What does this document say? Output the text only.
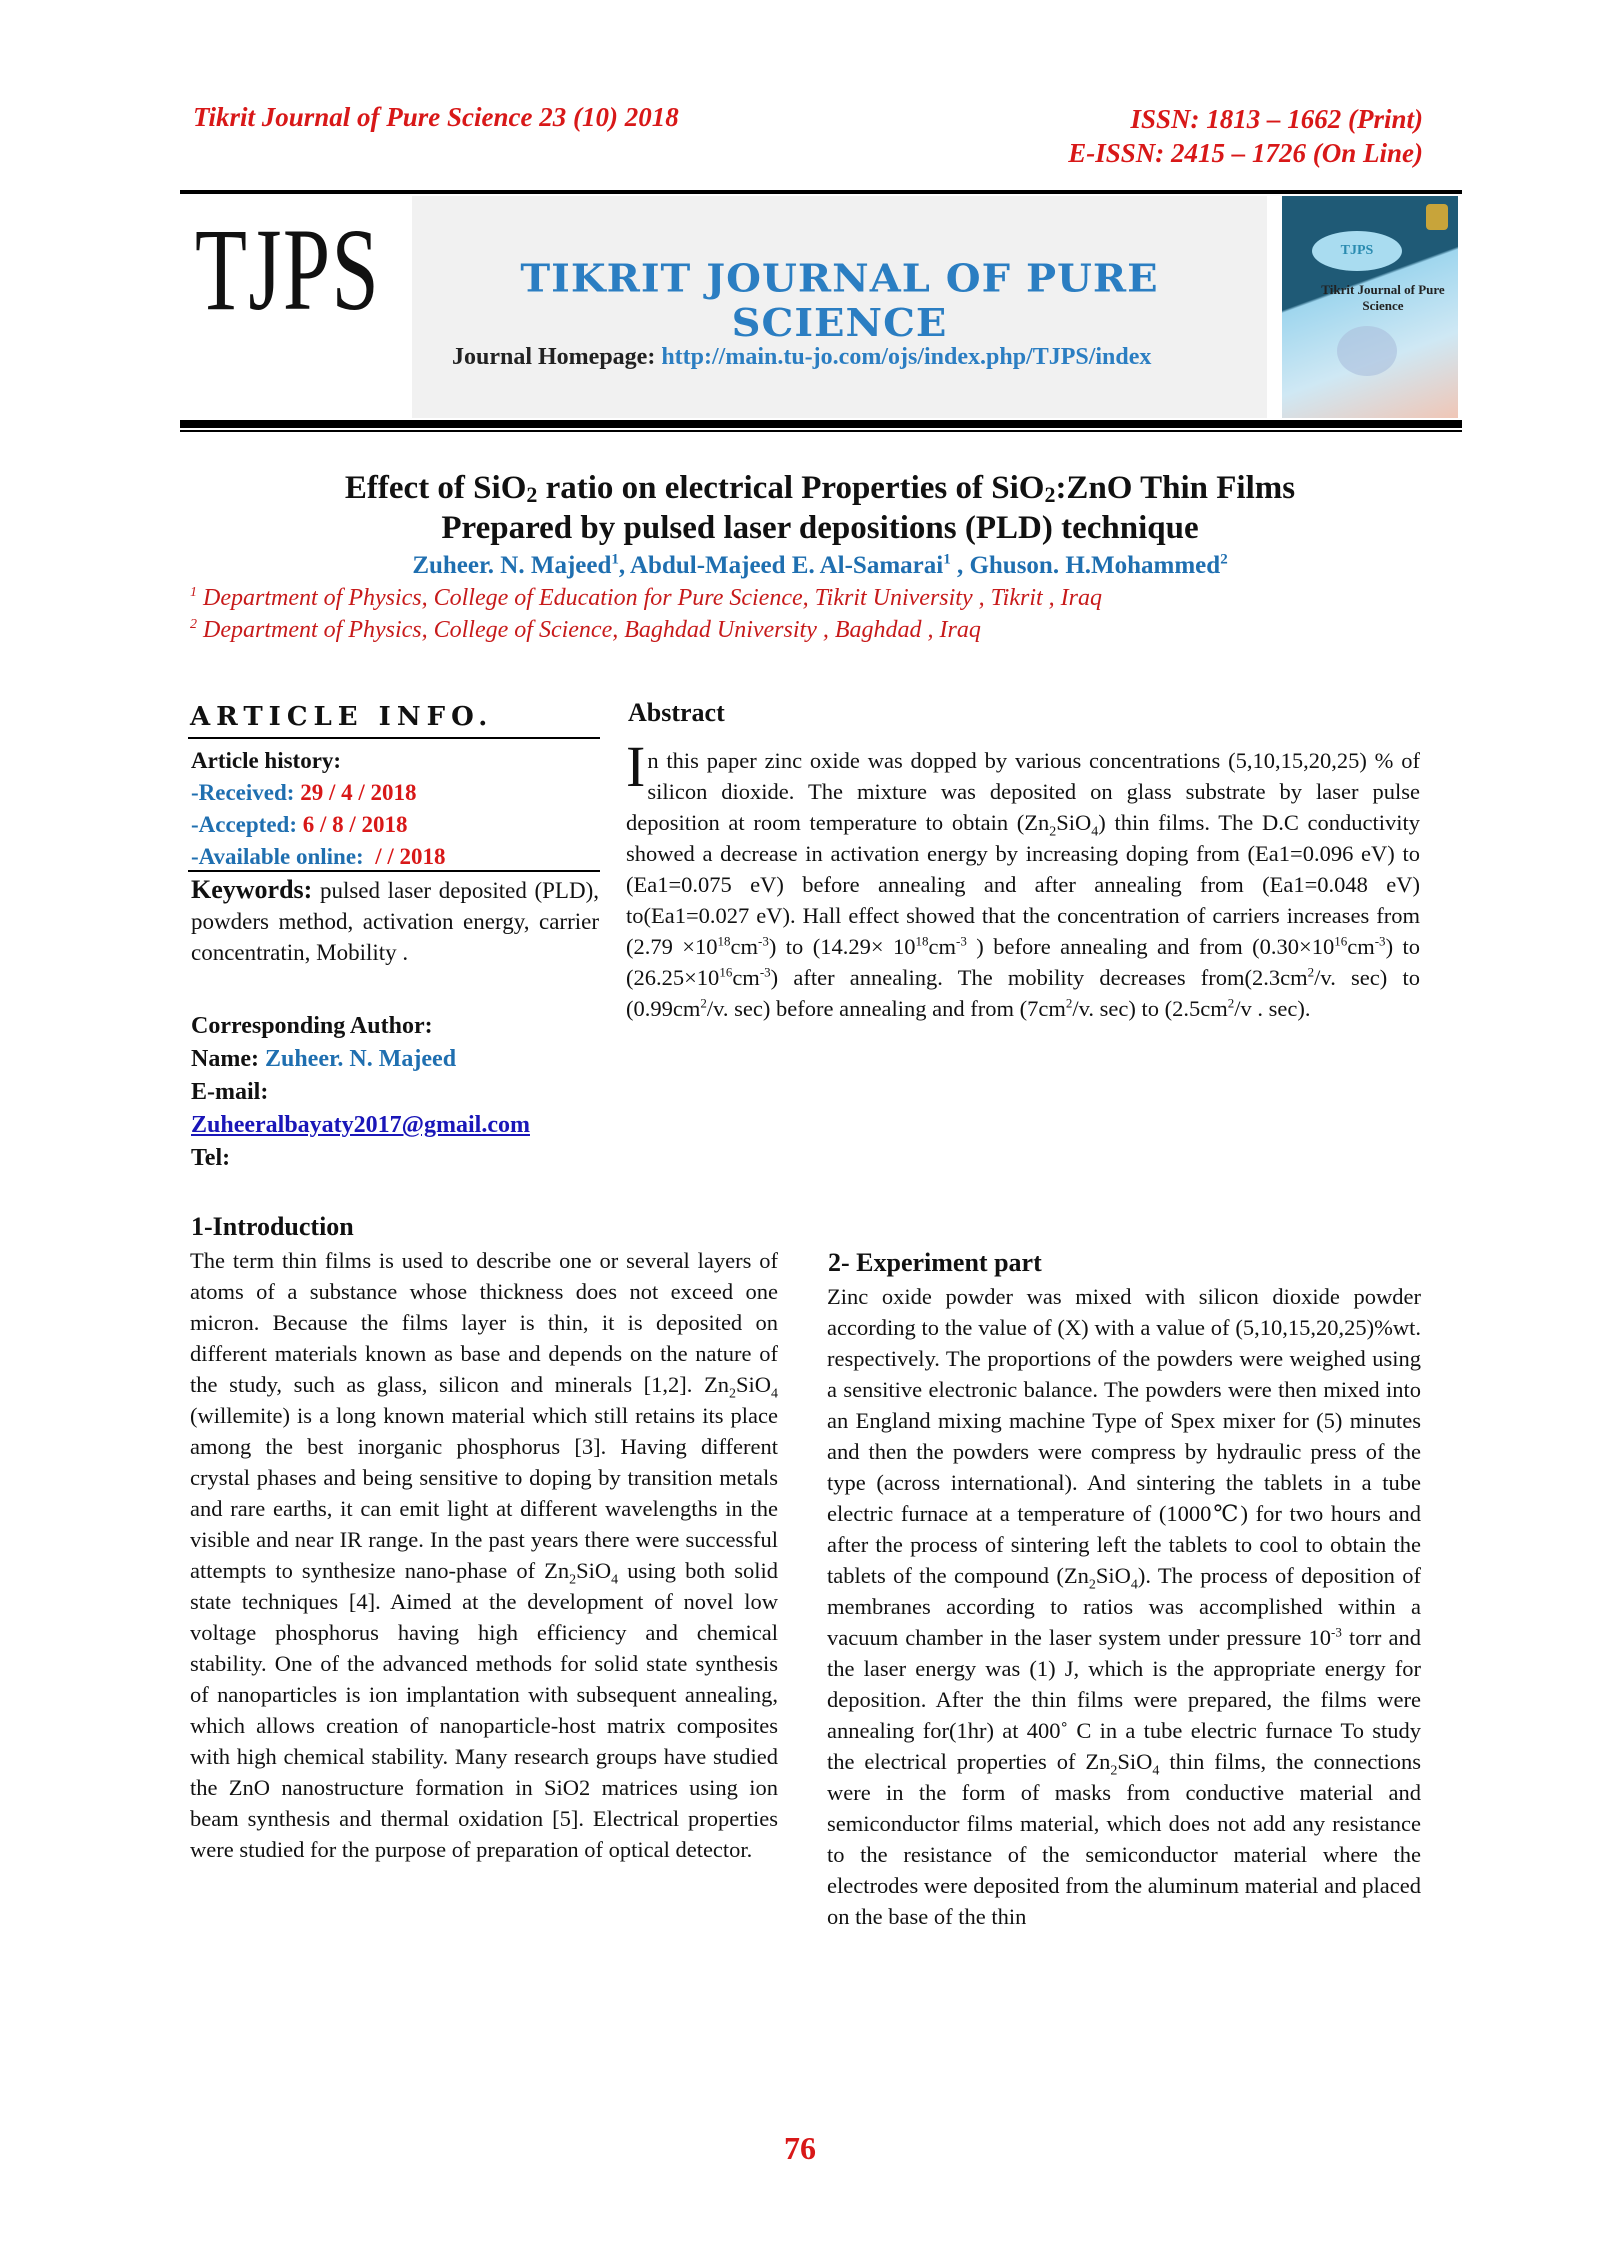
Tikrit Journal of Pure Science 23 (10) 2018	ISSN: 1813 – 1662 (Print)
E-ISSN: 2415 – 1726 (On Line)
TJPS	TIKRIT JOURNAL OF PURE SCIENCE
Journal Homepage: http://main.tu-jo.com/ojs/index.php/TJPS/index
TJPS
Tikrit Journal of Pure Science
Effect of SiO$_2$ ratio on electrical Properties of SiO$_2$:ZnO Thin Films
Prepared by pulsed laser depositions (PLD) technique
Zuheer. N. Majeed$^1$, Abdul-Majeed E. Al-Samarai$^1$ , Ghuson. H.Mohammed$^2$
$^1$ Department of Physics, College of Education for Pure Science, Tikrit University , Tikrit , Iraq
$^2$ Department of Physics, College of Science, Baghdad University , Baghdad , Iraq
ARTICLE INFO.
Article history:
-Received: 29 / 4 / 2018
-Accepted: 6 / 8 / 2018
-Available online: / / 2018
Keywords: pulsed laser deposited (PLD), powders method, activation energy, carrier concentratin, Mobility .
Corresponding Author:
Name: Zuheer. N. Majeed
E-mail:
Zuheeralbayaty2017@gmail.com
Tel:
Abstract
In this paper zinc oxide was dopped by various concentrations (5,10,15,20,25) % of silicon dioxide. The mixture was deposited on glass substrate by laser pulse deposition at room temperature to obtain $(Zn_2SiO_4)$ thin films. The D.C conductivity showed a decrease in activation energy by increasing doping from (Ea1=0.096 eV) to (Ea1=0.075 eV) before annealing and after annealing from (Ea1=0.048 eV) to(Ea1=0.027 eV). Hall effect showed that the concentration of carriers increases from $(2.79 \times 10^{18}cm^{-3})$ to ($14.29\times 10^{18}cm^{-3}$ ) before annealing and from $(0.30\times 10^{16}cm^{-3})$ to $(26.25\times 10^{16}cm^{-3})$ after annealing. The mobility decreases $from(2.3cm^2/v$. sec) to ($0.99cm^2/v$. sec) before annealing and from ($7cm^2/v$. sec) to ($2.5cm^2/v$ . sec).
1-Introduction
The term thin films is used to describe one or several layers of atoms of a substance whose thickness does not exceed one micron. Because the films layer is thin, it is deposited on different materials known as base and depends on the nature of the study, such as glass, silicon and minerals [1,2]. $Zn_2SiO_4$ (willemite) is a long known material which still retains its place among the best inorganic phosphorus [3]. Having different crystal phases and being sensitive to doping by transition metals and rare earths, it can emit light at different wavelengths in the visible and near IR range. In the past years there were successful attempts to synthesize nano-phase of $Zn_2SiO_4$ using both solid state techniques [4]. Aimed at the development of novel low voltage phosphorus having high efficiency and chemical stability. One of the advanced methods for solid state synthesis of nanoparticles is ion implantation with subsequent annealing, which allows creation of nanoparticle-host matrix composites with high chemical stability. Many research groups have studied the ZnO nanostructure formation in SiO2 matrices using ion beam synthesis and thermal oxidation [5]. Electrical properties were studied for the purpose of preparation of optical detector.
2- Experiment part
Zinc oxide powder was mixed with silicon dioxide powder according to the value of (X) with a value of (5,10,15,20,25)%wt. respectively. The proportions of the powders were weighed using a sensitive electronic balance. The powders were then mixed into an England mixing machine Type of Spex mixer for (5) minutes and then the powders were compress by hydraulic press of the type (across international). And sintering the tablets in a tube electric furnace at a temperature of (1000℃) for two hours and after the process of sintering left the tablets to cool to obtain the tablets of the compound $(Zn_2SiO_4)$. The process of deposition of membranes according to ratios was accomplished within a vacuum chamber in the laser system under pressure $10^{-3}$ torr and the laser energy was (1) J, which is the appropriate energy for deposition. After the thin films were prepared, the films were annealing for(1hr) at 400˚ C in a tube electric furnace To study the electrical properties of $Zn_2SiO_4$ thin films, the connections were in the form of masks from conductive material and semiconductor films material, which does not add any resistance to the resistance of the semiconductor material where the electrodes were deposited from the aluminum material and placed on the base of the thin
76
